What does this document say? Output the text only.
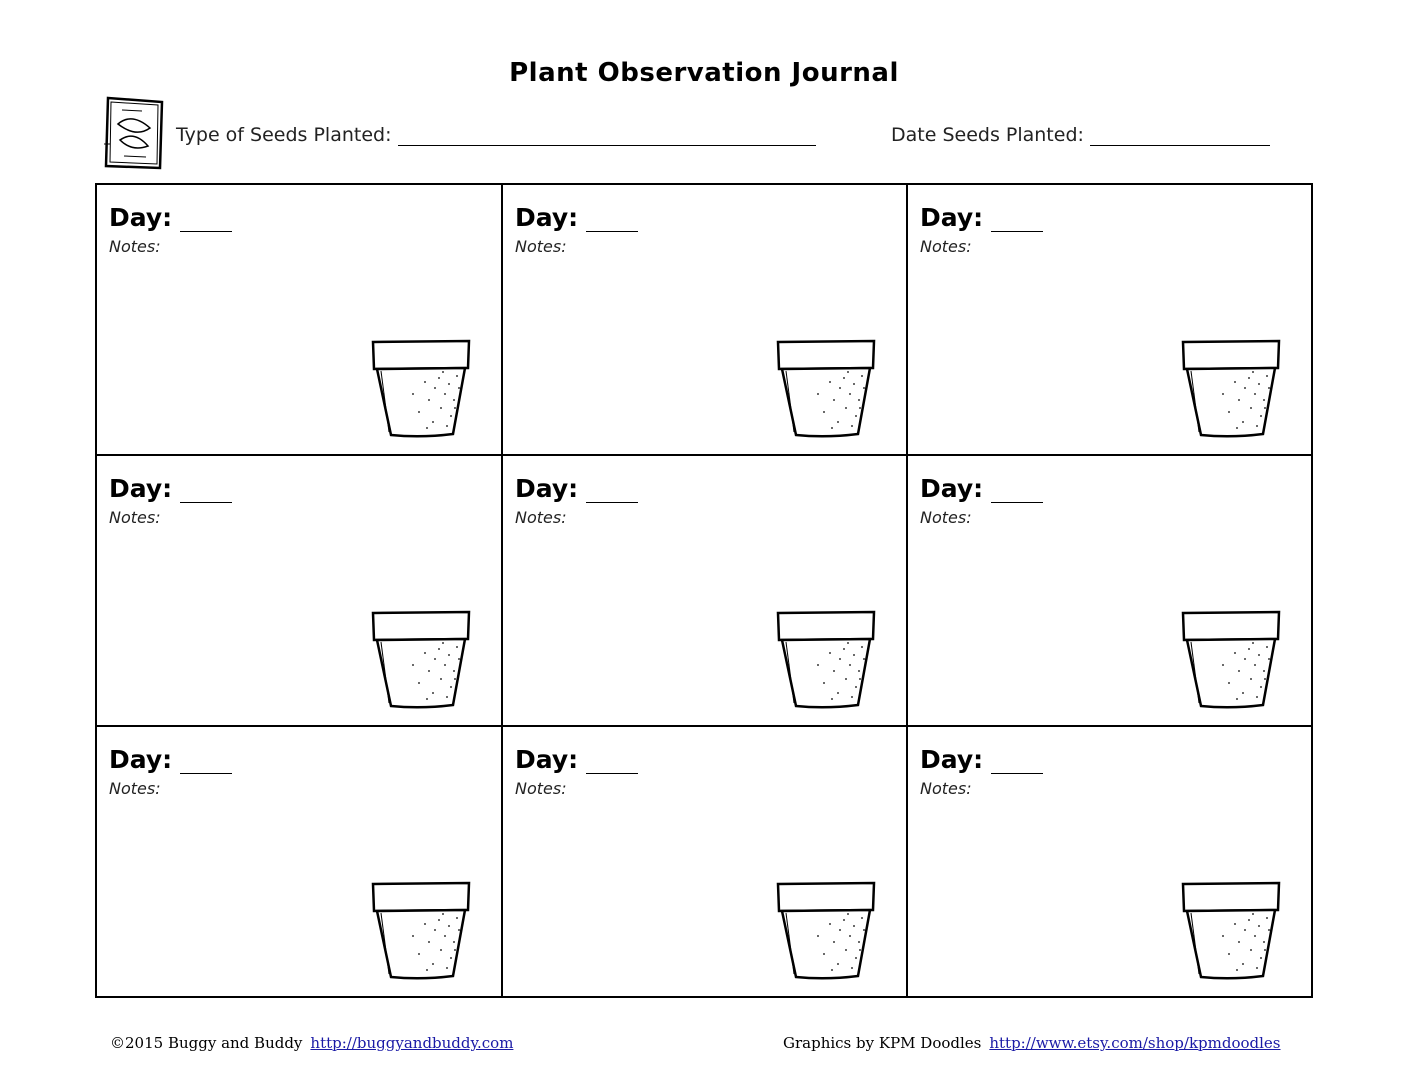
Plant Observation Journal
Type of Seeds Planted:	Date Seeds Planted:
Day:
Notes:
Day:
Notes:
Day:
Notes:
Day:
Notes:
Day:
Notes:
Day:
Notes:
Day:
Notes:
Day:
Notes:
Day:
Notes:
©2015 Buggy and Buddy http://buggyandbuddy.com	Graphics by KPM Doodles http://www.etsy.com/shop/kpmdoodles
